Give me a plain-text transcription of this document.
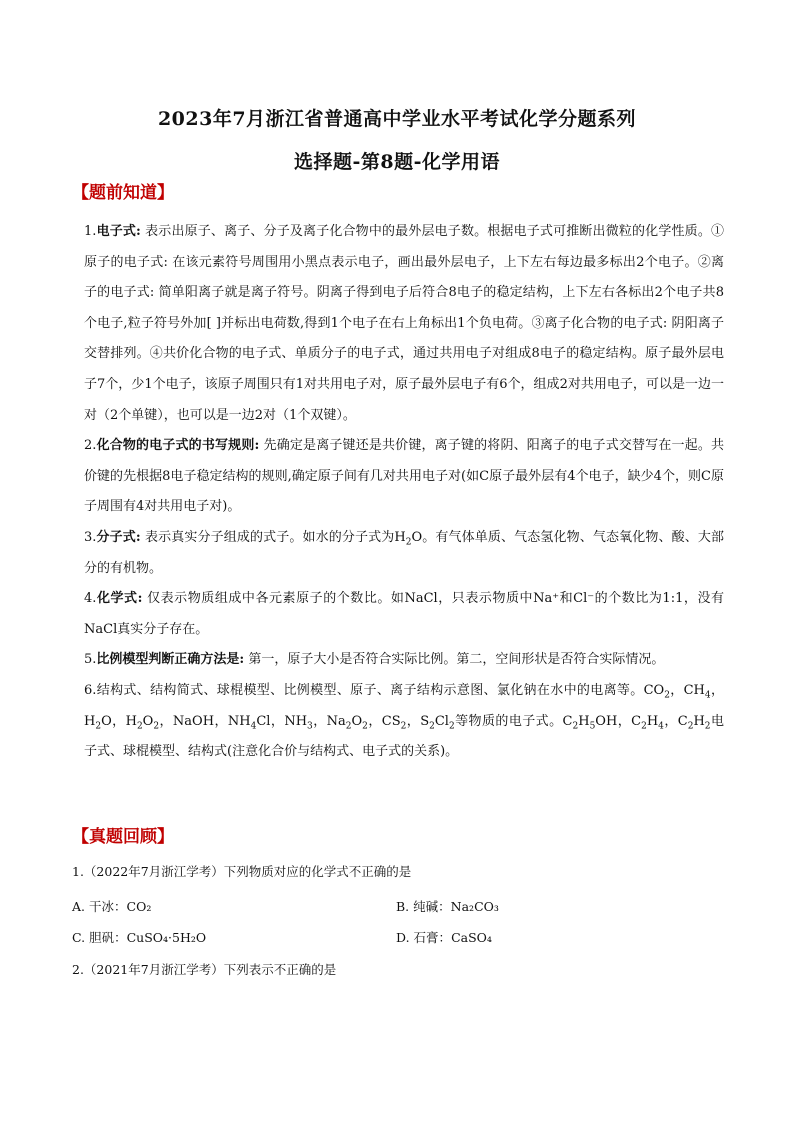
2023年7月浙江省普通高中学业水平考试化学分题系列
选择题-第8题-化学用语
【题前知道】

1.电子式: 表示出原子、离子、分子及离子化合物中的最外层电子数。根据电子式可推断出微粒的化学性质。①原子的电子式: 在该元素符号周围用小黑点表示电子，画出最外层电子，上下左右每边最多标出2个电子。②离子的电子式: 简单阳离子就是离子符号。阴离子得到电子后符合8电子的稳定结构，上下左右各标出2个电子共8个电子,粒子符号外加[ ]并标出电荷数,得到1个电子在右上角标出1个负电荷。③离子化合物的电子式: 阴阳离子交替排列。④共价化合物的电子式、单质分子的电子式，通过共用电子对组成8电子的稳定结构。原子最外层电子7个，少1个电子，该原子周围只有1对共用电子对，原子最外层电子有6个，组成2对共用电子，可以是一边一对（2个单键），也可以是一边2对（1个双键）。

2.化合物的电子式的书写规则: 先确定是离子键还是共价键，离子键的将阴、阳离子的电子式交替写在一起。共价键的先根据8电子稳定结构的规则,确定原子间有几对共用电子对(如C原子最外层有4个电子，缺少4个，则C原子周围有4对共用电子对)。

3.分子式: 表示真实分子组成的式子。如水的分子式为$H_2O$。有气体单质、气态氢化物、气态氧化物、酸、大部分的有机物。

4.化学式: 仅表示物质组成中各元素原子的个数比。如NaCl，只表示物质中Na⁺和Cl⁻的个数比为1:1，没有NaCl真实分子存在。

5.比例模型判断正确方法是: 第一，原子大小是否符合实际比例。第二，空间形状是否符合实际情况。

6.结构式、结构简式、球棍模型、比例模型、原子、离子结构示意图、氯化钠在水中的电离等。$CO_2$，$CH_4$，$H_2O$，$H_2O_2$，NaOH，$NH_4Cl$，$NH_3$，$Na_2O_2$，$CS_2$，$S_2Cl_2$等物质的电子式。$C_2H_5OH$，$C_2H_4$，$C_2H_2$电子式、球棍模型、结构式(注意化合价与结构式、电子式的关系)。

【真题回顾】
1.（2022年7月浙江学考）下列物质对应的化学式不正确的是
A. 干冰：CO₂	B. 纯碱：Na₂CO₃
C. 胆矾：CuSO₄·5H₂O	D. 石膏：CaSO₄
2.（2021年7月浙江学考）下列表示不正确的是
